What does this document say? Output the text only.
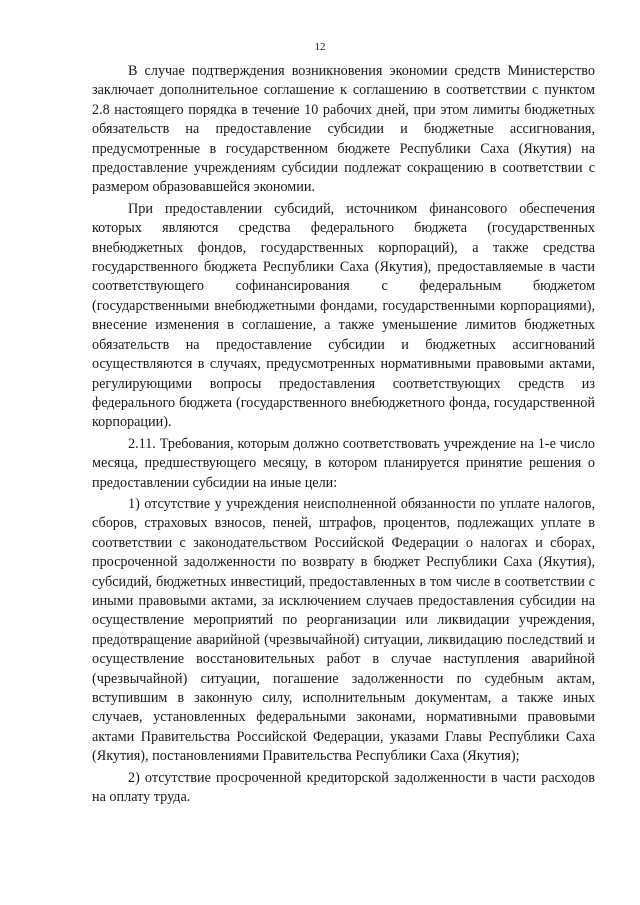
12

В случае подтверждения возникновения экономии средств Министерство заключает дополнительное соглашение к соглашению в соответствии с пунктом 2.8 настоящего порядка в течение 10 рабочих дней, при этом лимиты бюджетных обязательств на предоставление субсидии и бюджетные ассигнования, предусмотренные в государственном бюджете Республики Саха (Якутия) на предоставление учреждениям субсидии подлежат сокращению в соответствии с размером образовавшейся экономии.

При предоставлении субсидий, источником финансового обеспечения которых являются средства федерального бюджета (государственных внебюджетных фондов, государственных корпораций), а также средства государственного бюджета Республики Саха (Якутия), предоставляемые в части соответствующего софинансирования с федеральным бюджетом (государственными внебюджетными фондами, государственными корпорациями), внесение изменения в соглашение, а также уменьшение лимитов бюджетных обязательств на предоставление субсидии и бюджетных ассигнований осуществляются в случаях, предусмотренных нормативными правовыми актами, регулирующими вопросы предоставления соответствующих средств из федерального бюджета (государственного внебюджетного фонда, государственной корпорации).

2.11. Требования, которым должно соответствовать учреждение на 1-е число месяца, предшествующего месяцу, в котором планируется принятие решения о предоставлении субсидии на иные цели:

1) отсутствие у учреждения неисполненной обязанности по уплате налогов, сборов, страховых взносов, пеней, штрафов, процентов, подлежащих уплате в соответствии с законодательством Российской Федерации о налогах и сборах, просроченной задолженности по возврату в бюджет Республики Саха (Якутия), субсидий, бюджетных инвестиций, предоставленных в том числе в соответствии с иными правовыми актами, за исключением случаев предоставления субсидии на осуществление мероприятий по реорганизации или ликвидации учреждения, предотвращение аварийной (чрезвычайной) ситуации, ликвидацию последствий и осуществление восстановительных работ в случае наступления аварийной (чрезвычайной) ситуации, погашение задолженности по судебным актам, вступившим в законную силу, исполнительным документам, а также иных случаев, установленных федеральными законами, нормативными правовыми актами Правительства Российской Федерации, указами Главы Республики Саха (Якутия), постановлениями Правительства Республики Саха (Якутия);

2) отсутствие просроченной кредиторской задолженности в части расходов на оплату труда.
